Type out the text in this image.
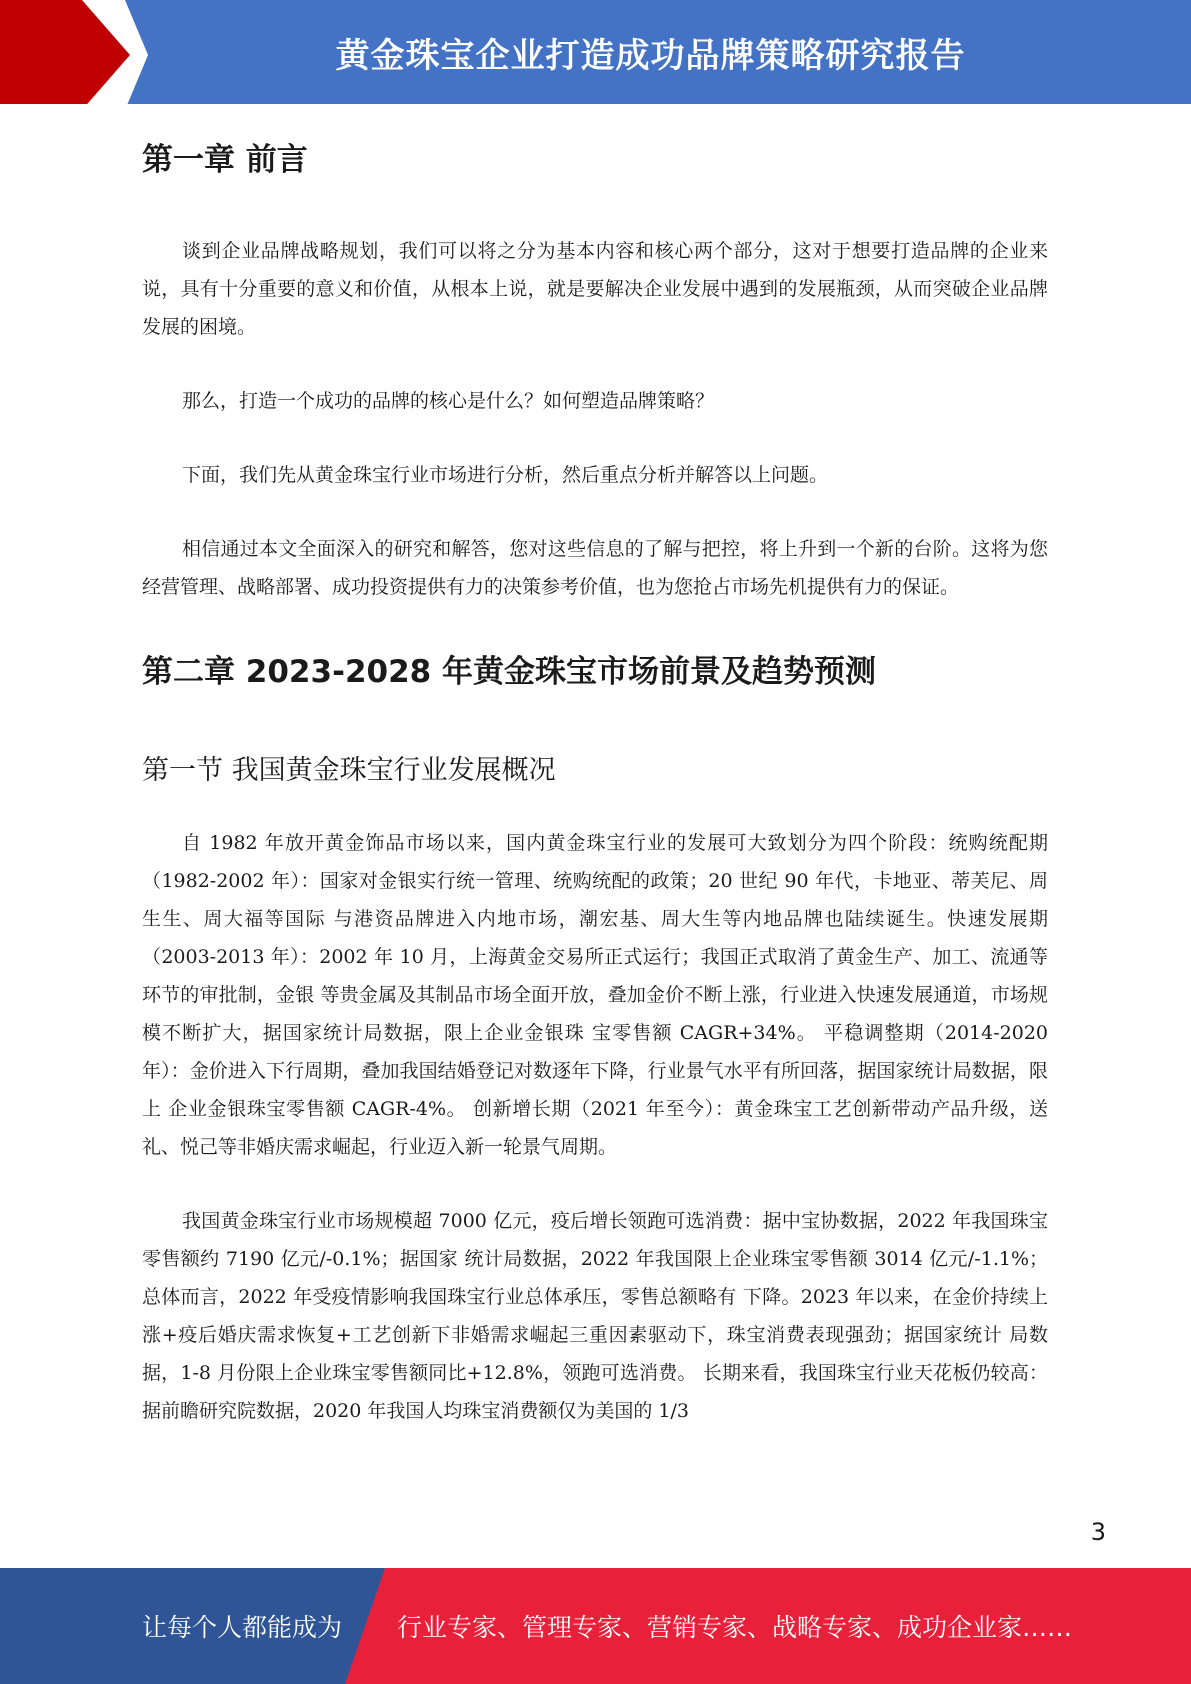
黄金珠宝企业打造成功品牌策略研究报告
第一章 前言

谈到企业品牌战略规划，我们可以将之分为基本内容和核心两个部分，这对于想要打造品牌的企业来说，具有十分重要的意义和价值，从根本上说，就是要解决企业发展中遇到的发展瓶颈，从而突破企业品牌发展的困境。

那么，打造一个成功的品牌的核心是什么？如何塑造品牌策略？

下面，我们先从黄金珠宝行业市场进行分析，然后重点分析并解答以上问题。

相信通过本文全面深入的研究和解答，您对这些信息的了解与把控，将上升到一个新的台阶。这将为您经营管理、战略部署、成功投资提供有力的决策参考价值，也为您抢占市场先机提供有力的保证。

第二章 2023-2028 年黄金珠宝市场前景及趋势预测
第一节 我国黄金珠宝行业发展概况

自 1982 年放开黄金饰品市场以来，国内黄金珠宝行业的发展可大致划分为四个阶段：统购统配期（1982-2002 年）：国家对金银实行统一管理、统购统配的政策；20 世纪 90 年代，卡地亚、蒂芙尼、周生生、周大福等国际 与港资品牌进入内地市场，潮宏基、周大生等内地品牌也陆续诞生。快速发展期（2003-2013 年）：2002 年 10 月，上海黄金交易所正式运行；我国正式取消了黄金生产、加工、流通等环节的审批制，金银 等贵金属及其制品市场全面开放，叠加金价不断上涨，行业进入快速发展通道，市场规模不断扩大，据国家统计局数据，限上企业金银珠 宝零售额 CAGR+34%。 平稳调整期（2014-2020 年）：金价进入下行周期，叠加我国结婚登记对数逐年下降，行业景气水平有所回落，据国家统计局数据，限上 企业金银珠宝零售额 CAGR-4%。 创新增长期（2021 年至今）：黄金珠宝工艺创新带动产品升级，送礼、悦己等非婚庆需求崛起，行业迈入新一轮景气周期。

我国黄金珠宝行业市场规模超 7000 亿元，疫后增长领跑可选消费：据中宝协数据，2022 年我国珠宝零售额约 7190 亿元/-0.1%；据国家 统计局数据，2022 年我国限上企业珠宝零售额 3014 亿元/-1.1%；总体而言，2022 年受疫情影响我国珠宝行业总体承压，零售总额略有 下降。2023 年以来，在金价持续上涨+疫后婚庆需求恢复+工艺创新下非婚需求崛起三重因素驱动下，珠宝消费表现强劲；据国家统计 局数据，1-8 月份限上企业珠宝零售额同比+12.8%，领跑可选消费。 长期来看，我国珠宝行业天花板仍较高：据前瞻研究院数据，2020 年我国人均珠宝消费额仅为美国的 1/3

3
让每个人都能成为 行业专家、管理专家、营销专家、战略专家、成功企业家……
